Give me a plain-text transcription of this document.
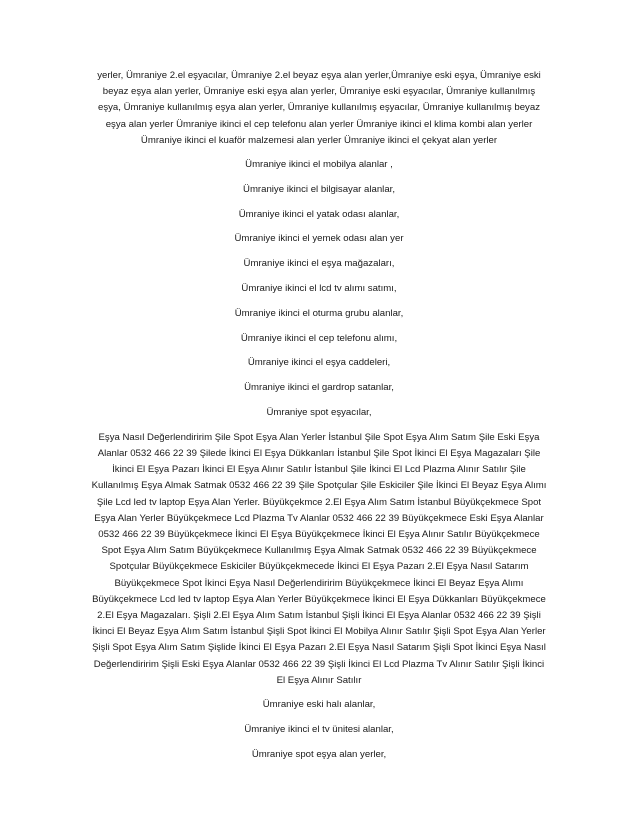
yerler, Ümraniye 2.el eşyacılar, Ümraniye 2.el beyaz eşya alan yerler,Ümraniye eski eşya, Ümraniye eski beyaz eşya alan yerler, Ümraniye eski eşya alan yerler, Ümraniye eski eşyacılar, Ümraniye kullanılmış eşya, Ümraniye kullanılmış eşya alan yerler, Ümraniye kullanılmış eşyacılar, Ümraniye kullanılmış beyaz eşya alan yerler Ümraniye ikinci el cep telefonu alan yerler Ümraniye ikinci el klima kombi alan yerler Ümraniye ikinci el kuaför malzemesi alan yerler Ümraniye ikinci el çekyat alan yerler

Ümraniye ikinci el mobilya alanlar ,

Ümraniye ikinci el bilgisayar alanlar,

Ümraniye ikinci el yatak odası alanlar,

Ümraniye ikinci el yemek odası alan yer

Ümraniye ikinci el eşya mağazaları,

Ümraniye ikinci el lcd tv alımı satımı,

Ümraniye ikinci el oturma grubu alanlar,

Ümraniye ikinci el cep telefonu alımı,

Ümraniye ikinci el eşya caddeleri,

Ümraniye ikinci el gardrop satanlar,

Ümraniye spot eşyacılar,

Eşya Nasıl Değerlendiririm Şile Spot Eşya Alan Yerler İstanbul Şile Spot Eşya Alım Satım Şile Eski Eşya Alanlar 0532 466 22 39 Şilede İkinci El Eşya Dükkanları İstanbul Şile Spot İkinci El Eşya Magazaları Şile İkinci El Eşya Pazarı İkinci El Eşya Alınır Satılır İstanbul Şile İkinci El Lcd Plazma Alınır Satılır Şile Kullanılmış Eşya Almak Satmak 0532 466 22 39 Şile Spotçular Şile Eskiciler Şile İkinci El Beyaz Eşya Alımı Şile Lcd led tv laptop Eşya Alan Yerler. Büyükçekmce 2.El Eşya Alım Satım İstanbul Büyükçekmece Spot Eşya Alan Yerler Büyükçekmece Lcd Plazma Tv Alanlar 0532 466 22 39 Büyükçekmece Eski Eşya Alanlar 0532 466 22 39 Büyükçekmece İkinci El Eşya Büyükçekmece İkinci El Eşya Alınır Satılır Büyükçekmece Spot Eşya Alım Satım Büyükçekmece Kullanılmış Eşya Almak Satmak 0532 466 22 39 Büyükçekmece Spotçular Büyükçekmece Eskiciler Büyükçekmecede İkinci El Eşya Pazarı 2.El Eşya Nasıl Satarım Büyükçekmece Spot İkinci Eşya Nasıl Değerlendiririm Büyükçekmece İkinci El Beyaz Eşya Alımı Büyükçekmece Lcd led tv laptop Eşya Alan Yerler Büyükçekmece İkinci El Eşya Dükkanları Büyükçekmece 2.El Eşya Magazaları. Şişli 2.El Eşya Alım Satım İstanbul Şişli İkinci El Eşya Alanlar 0532 466 22 39 Şişli İkinci El Beyaz Eşya Alım Satım İstanbul Şişli Spot İkinci El Mobilya Alınır Satılır Şişli Spot Eşya Alan Yerler Şişli Spot Eşya Alım Satım Şişlide İkinci El Eşya Pazarı 2.El Eşya Nasıl Satarım Şişli Spot İkinci Eşya Nasıl Değerlendiririm Şişli Eski Eşya Alanlar 0532 466 22 39 Şişli İkinci El Lcd Plazma Tv Alınır Satılır Şişli İkinci El Eşya Alınır Satılır

Ümraniye eski halı alanlar,

Ümraniye ikinci el tv ünitesi alanlar,

Ümraniye spot eşya alan yerler,
